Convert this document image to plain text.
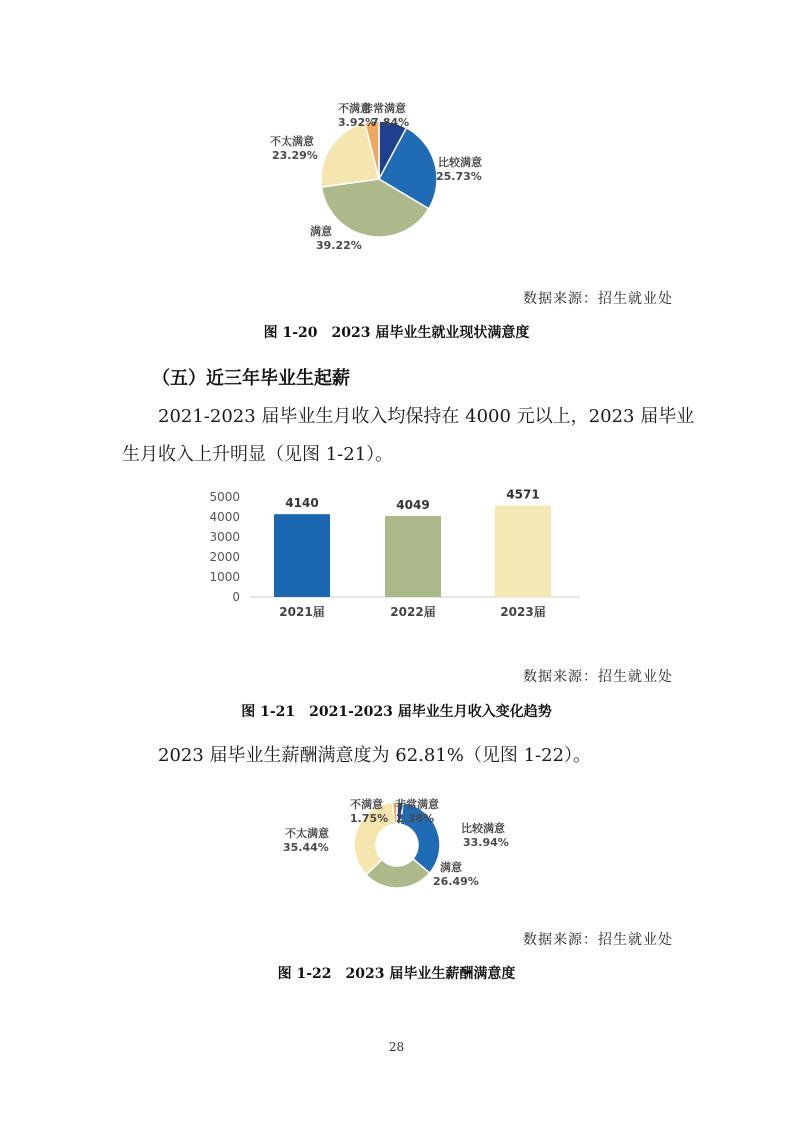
非常满意
7.84%
比较满意
25.73%
满意
39.22%
不太满意
23.29%
不满意
3.92%
数据来源：招生就业处
图 1-20　2023 届毕业生就业现状满意度
（五）近三年毕业生起薪
2021-2023 届毕业生月收入均保持在 4000 元以上，2023 届毕业
生月收入上升明显（见图 1-21）。
0
1000
2000
3000
4000
5000	4140
2021届
4049
2022届
4571
2023届
数据来源：招生就业处
图 1-21　2021-2023 届毕业生月收入变化趋势
2023 届毕业生薪酬满意度为 62.81%（见图 1-22）。
非常满意
2.38%
比较满意
33.94%
满意
26.49%
不太满意
35.44%
不满意
1.75%
数据来源：招生就业处
图 1-22　2023 届毕业生薪酬满意度
28
